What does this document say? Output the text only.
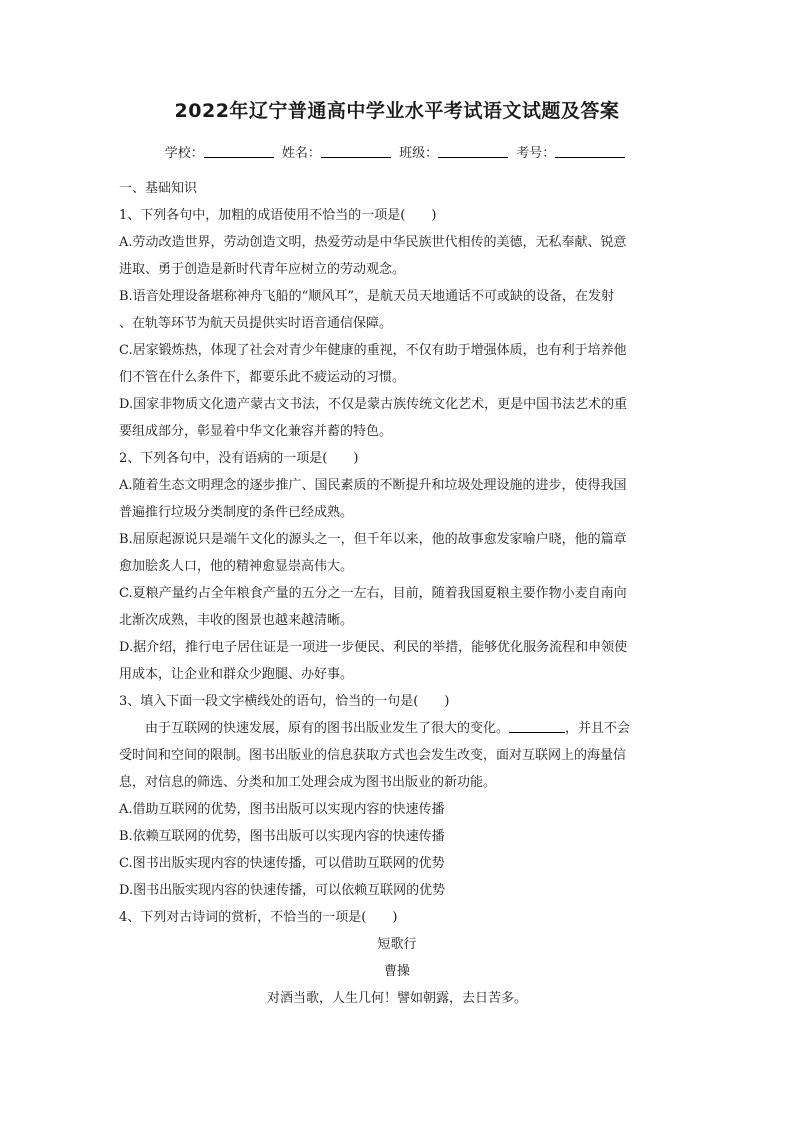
2022年辽宁普通高中学业水平考试语文试题及答案
学校：	姓名：	班级：	考号：

一、基础知识

1、下列各句中，加粗的成语使用不恰当的一项是(　　)

A.劳动改造世界，劳动创造文明，热爱劳动是中华民族世代相传的美德，无私奉献、锐意

进取、勇于创造是新时代青年应树立的劳动观念。

B.语音处理设备堪称神舟飞船的“顺风耳”，是航天员天地通话不可或缺的设备，在发射

、在轨等环节为航天员提供实时语音通信保障。

C.居家锻炼热，体现了社会对青少年健康的重视，不仅有助于增强体质，也有利于培养他

们不管在什么条件下，都要乐此不疲运动的习惯。

D.国家非物质文化遗产蒙古文书法，不仅是蒙古族传统文化艺术，更是中国书法艺术的重

要组成部分，彰显着中华文化兼容并蓄的特色。

2、下列各句中，没有语病的一项是(　　)

A.随着生态文明理念的逐步推广、国民素质的不断提升和垃圾处理设施的进步，使得我国

普遍推行垃圾分类制度的条件已经成熟。

B.屈原起源说只是端午文化的源头之一，但千年以来，他的故事愈发家喻户晓，他的篇章

愈加脍炙人口，他的精神愈显崇高伟大。

C.夏粮产量约占全年粮食产量的五分之一左右，目前，随着我国夏粮主要作物小麦自南向

北渐次成熟，丰收的图景也越来越清晰。

D.据介绍，推行电子居住证是一项进一步便民、利民的举措，能够优化服务流程和申领使

用成本，让企业和群众少跑腿、办好事。

3、填入下面一段文字横线处的语句，恰当的一句是(　　)

由于互联网的快速发展，原有的图书出版业发生了很大的变化。	，并且不会

受时间和空间的限制。图书出版业的信息获取方式也会发生改变，面对互联网上的海量信

息，对信息的筛选、分类和加工处理会成为图书出版业的新功能。

A.借助互联网的优势，图书出版可以实现内容的快速传播

B.依赖互联网的优势，图书出版可以实现内容的快速传播

C.图书出版实现内容的快速传播，可以借助互联网的优势

D.图书出版实现内容的快速传播，可以依赖互联网的优势

4、下列对古诗词的赏析，不恰当的一项是(　　)

短歌行

曹操

对酒当歌，人生几何！譬如朝露，去日苦多。
